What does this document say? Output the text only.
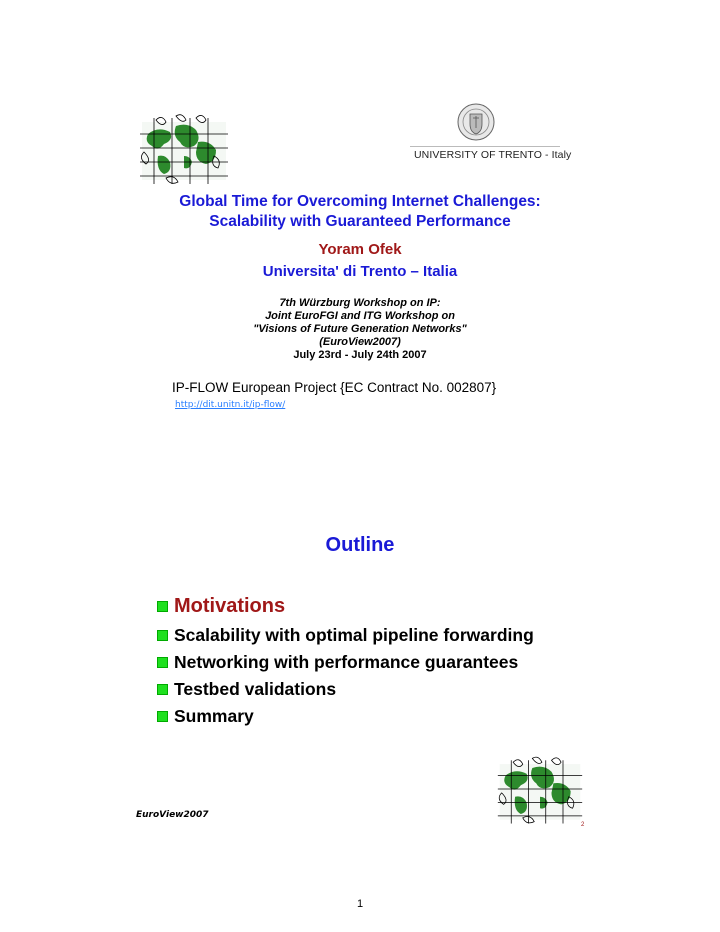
UNIVERSITY OF TRENTO - Italy
Global Time for Overcoming Internet Challenges:
Scalability with Guaranteed Performance
Yoram Ofek
Universita' di Trento – Italia
7th Würzburg Workshop on IP:
Joint EuroFGI and ITG Workshop on
"Visions of Future Generation Networks"
(EuroView2007)
July 23rd - July 24th 2007
IP-FLOW European Project {EC Contract No. 002807}
http://dit.unitn.it/ip-flow/
Outline
Motivations
Scalability with optimal pipeline forwarding
Networking with performance guarantees
Testbed validations
Summary
EuroView2007
2
1
